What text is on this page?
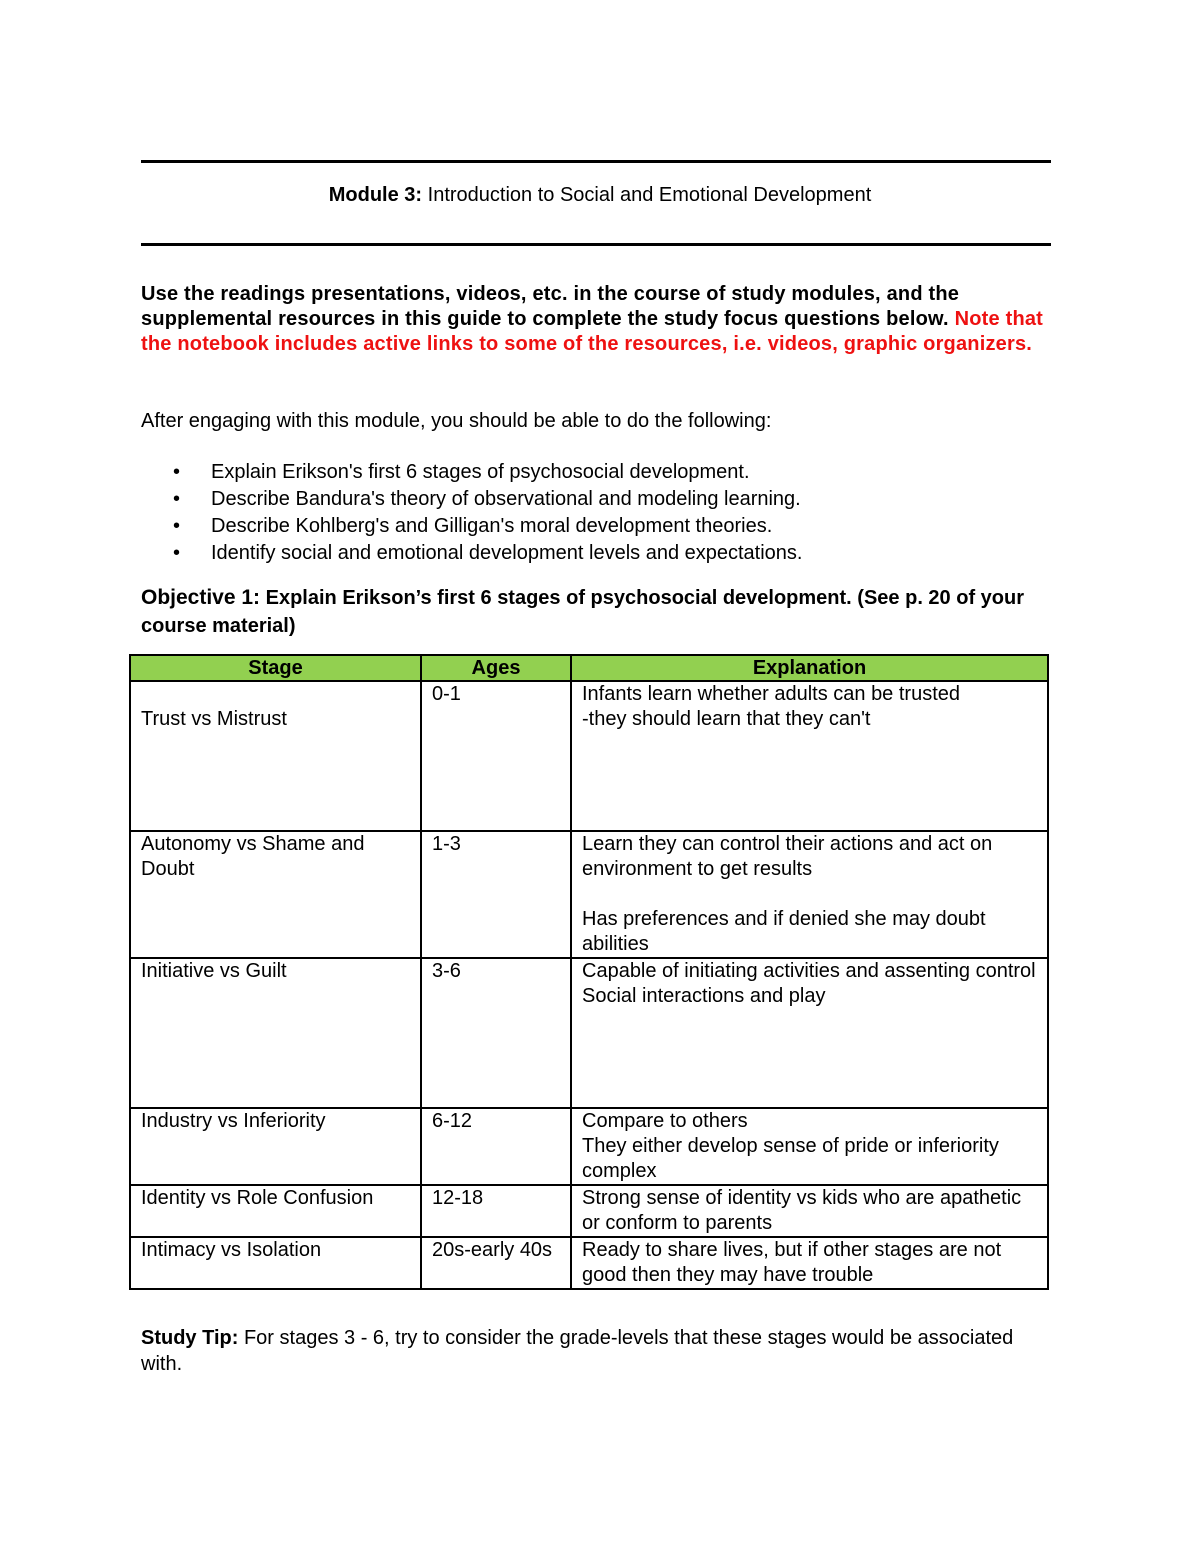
Module 3: Introduction to Social and Emotional Development
Use the readings presentations, videos, etc. in the course of study modules, and the supplemental resources in this guide to complete the study focus questions below. Note that the notebook includes active links to some of the resources, i.e. videos, graphic organizers.
After engaging with this module, you should be able to do the following:
• Explain Erikson's first 6 stages of psychosocial development.
• Describe Bandura's theory of observational and modeling learning.
• Describe Kohlberg's and Gilligan's moral development theories.
• Identify social and emotional development levels and expectations.
Objective 1: Explain Erikson’s first 6 stages of psychosocial development. (See p. 20 of your course material)
Stage	Ages	Explanation

Trust vs Mistrust	0-1	Infants learn whether adults can be trusted
-they should learn that they can't
Autonomy vs Shame and Doubt	1-3	Learn they can control their actions and act on environment to get results

Has preferences and if denied she may doubt abilities
Initiative vs Guilt	3-6	Capable of initiating activities and assenting control
Social interactions and play
Industry vs Inferiority	6-12	Compare to others
They either develop sense of pride or inferiority complex
Identity vs Role Confusion	12-18	Strong sense of identity vs kids who are apathetic or conform to parents
Intimacy vs Isolation	20s-early 40s	Ready to share lives, but if other stages are not good then they may have trouble
Study Tip: For stages 3 - 6, try to consider the grade-levels that these stages would be associated with.
